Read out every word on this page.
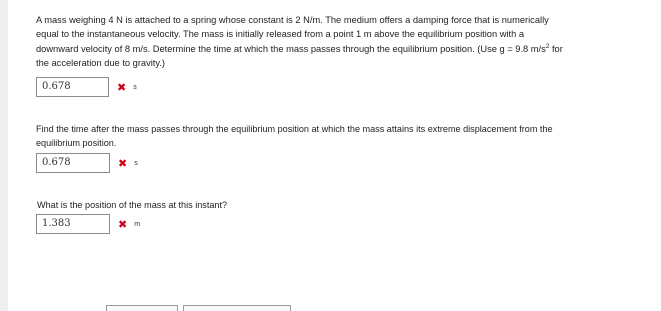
A mass weighing 4 N is attached to a spring whose constant is 2 N/m. The medium offers a damping force that is numerically
equal to the instantaneous velocity. The mass is initially released from a point 1 m above the equilibrium position with a
downward velocity of 8 m/s. Determine the time at which the mass passes through the equilibrium position. (Use g = 9.8 $m/s^2$ for
the acceleration due to gravity.)
0.678	✖ s
Find the time after the mass passes through the equilibrium position at which the mass attains its extreme displacement from the
equilibrium position.
0.678	✖ s
What is the position of the mass at this instant?
1.383	✖ m
